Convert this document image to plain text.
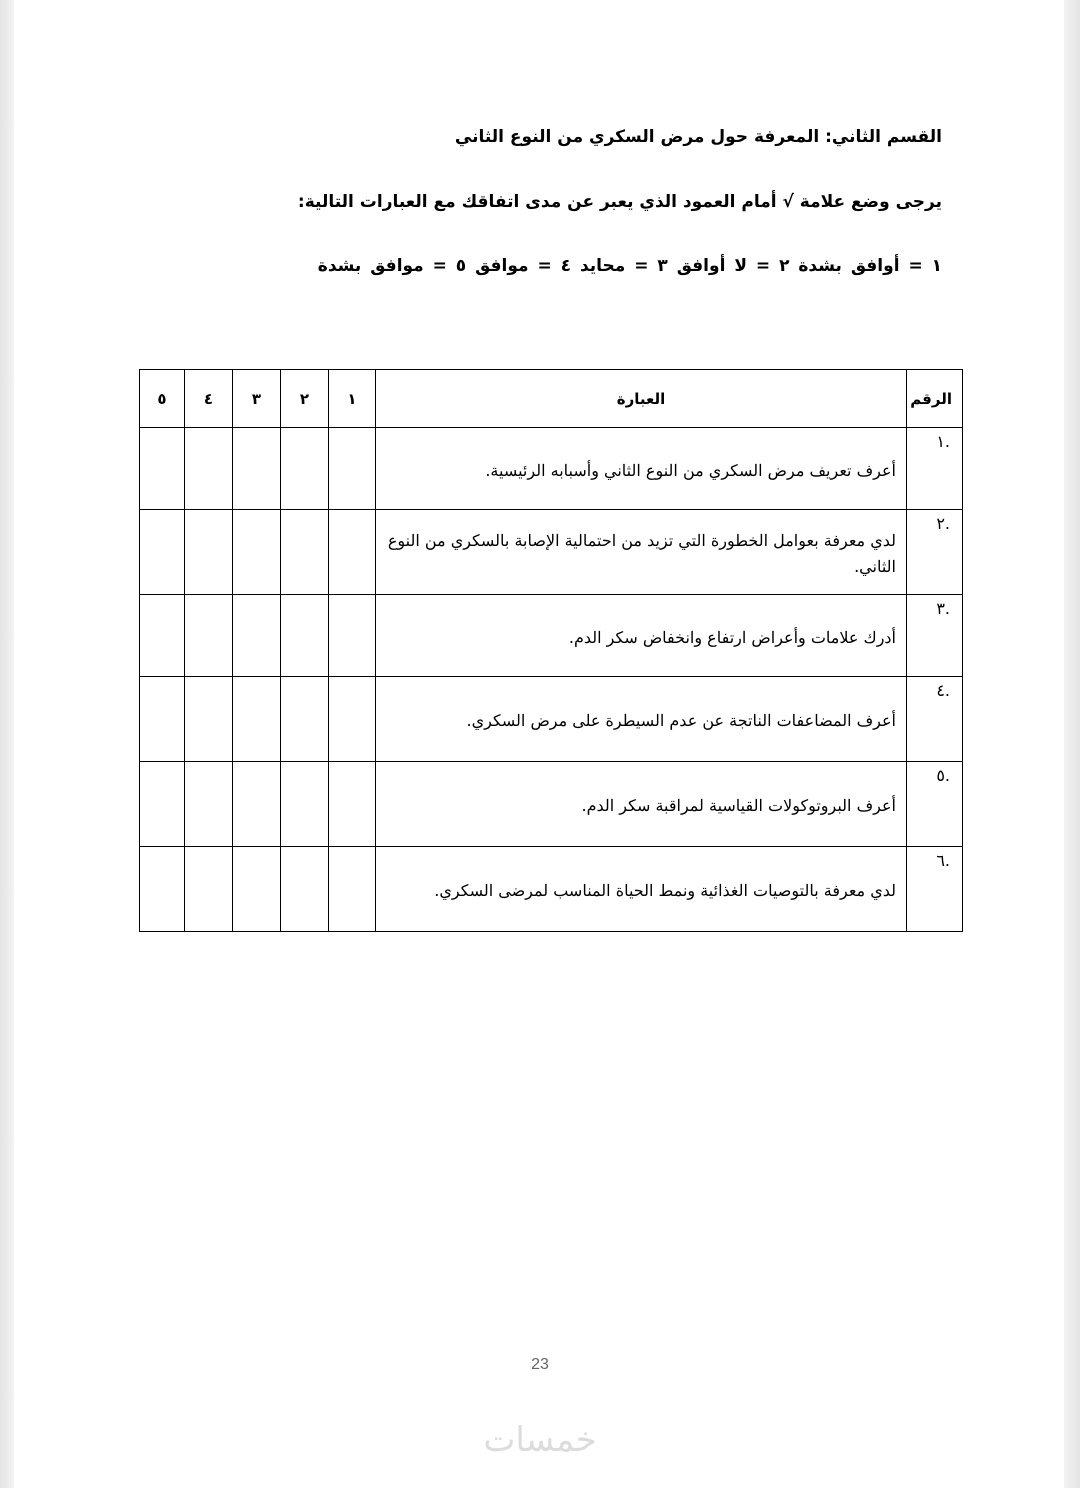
القسم الثاني: المعرفة حول مرض السكري من النوع الثاني
يرجى وضع علامة √ أمام العمود الذي يعبر عن مدى اتفاقك مع العبارات التالية:
١ = أوافق بشدة ٢ = لا أوافق ٣ = محايد ٤ = موافق ٥ = موافق بشدة
الرقم	العبارة	١	٢	٣	٤	٥
.١	أعرف تعريف مرض السكري من النوع الثاني وأسبابه الرئيسية.					
.٢	لدي معرفة بعوامل الخطورة التي تزيد من احتمالية الإصابة بالسكري من النوع الثاني.					
.٣	أدرك علامات وأعراض ارتفاع وانخفاض سكر الدم.					
.٤	أعرف المضاعفات الناتجة عن عدم السيطرة على مرض السكري.					
.٥	أعرف البروتوكولات القياسية لمراقبة سكر الدم.					
.٦	لدي معرفة بالتوصيات الغذائية ونمط الحياة المناسب لمرضى السكري.					
23
خمسات
